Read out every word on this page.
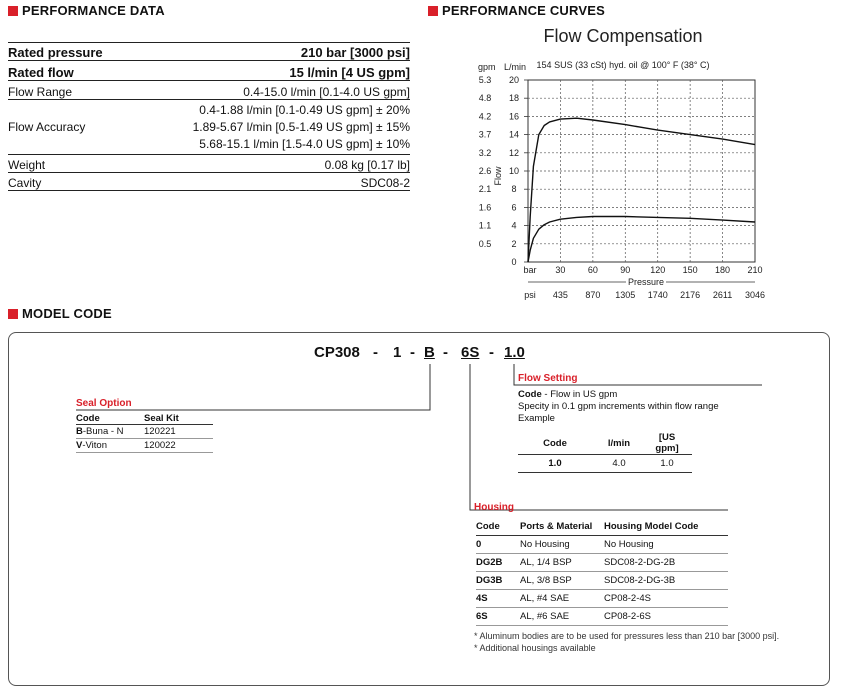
PERFORMANCE DATA
Rated pressure	210 bar [3000 psi]
Rated flow	15 l/min [4 US gpm]
Flow Range	0.4-15.0 l/min [0.1-4.0 US gpm]
Flow Accuracy
0.4-1.88 l/min [0.1-0.49 US gpm] ± 20%
1.89-5.67 l/min [0.5-1.49 US gpm] ± 15%
5.68-15.1 l/min [1.5-4.0 US gpm] ± 10%
Weight	0.08 kg [0.17 lb]
Cavity	SDC08-2
PERFORMANCE CURVES
Flow Compensation
154 SUS (33 cSt) hyd. oil @ 100° F (38° C)
gpm L/min
0
2
0.5
4
1.1
6
1.6
8
2.1
10
2.6
12
3.2
14
3.7
16
4.2
18
4.8
20
5.3
30
435
60
870
90
1305
120
1740
150
2176
180
2611
210
3046
Flow
bar
psi
Pressure
MODEL CODE
CP308 - 1 - B - 6S - 1.0
Seal Option
Code	Seal Kit
B-Buna - N	120221
V-Viton	120022
Flow Setting
Code - Flow in US gpm
Specity in 0.1 gpm increments within flow range
Example
Code	l/min	[US gpm]
1.0	4.0	1.0
Housing
Code	Ports & Material	Housing Model Code
0	No Housing	No Housing
DG2B	AL, 1/4 BSP	SDC08-2-DG-2B
DG3B	AL, 3/8 BSP	SDC08-2-DG-3B
4S	AL, #4 SAE	CP08-2-4S
6S	AL, #6 SAE	CP08-2-6S
* Aluminum bodies are to be used for pressures less than 210 bar [3000 psi].
* Additional housings available
